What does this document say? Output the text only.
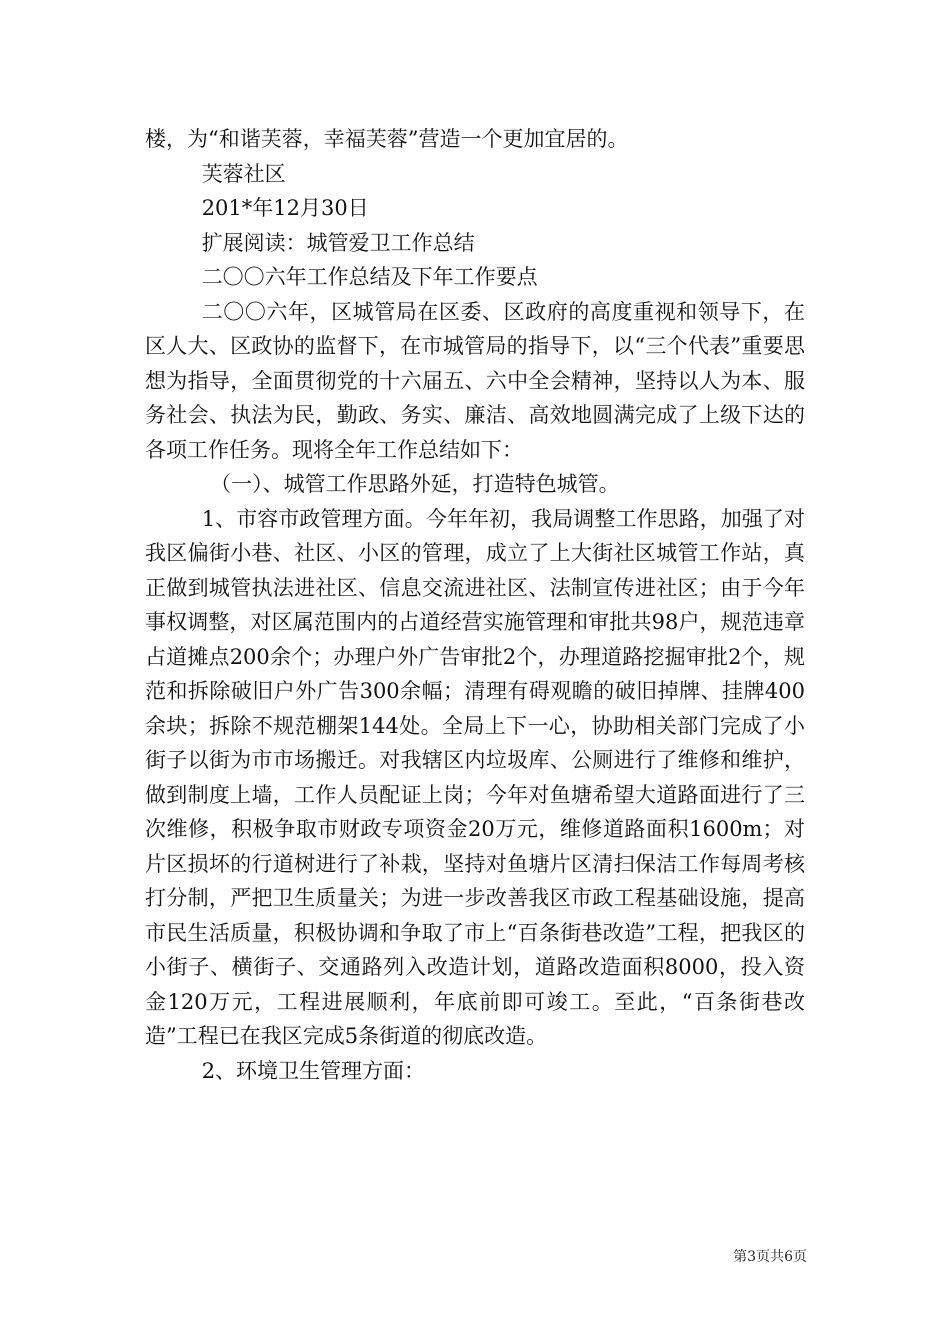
楼，为“和谐芙蓉，幸福芙蓉”营造一个更加宜居的。

芙蓉社区

201*年12月30日

扩展阅读：城管爱卫工作总结

二〇〇六年工作总结及下年工作要点

二〇〇六年，区城管局在区委、区政府的高度重视和领导下，在区人大、区政协的监督下，在市城管局的指导下，以“三个代表”重要思想为指导，全面贯彻党的十六届五、六中全会精神，坚持以人为本、服务社会、执法为民，勤政、务实、廉洁、高效地圆满完成了上级下达的各项工作任务。现将全年工作总结如下：

（一）、城管工作思路外延，打造特色城管。

1、市容市政管理方面。今年年初，我局调整工作思路，加强了对我区偏街小巷、社区、小区的管理，成立了上大街社区城管工作站，真正做到城管执法进社区、信息交流进社区、法制宣传进社区；由于今年事权调整，对区属范围内的占道经营实施管理和审批共98户，规范违章占道摊点200余个；办理户外广告审批2个，办理道路挖掘审批2个，规范和拆除破旧户外广告300余幅；清理有碍观瞻的破旧掉牌、挂牌400余块；拆除不规范棚架144处。全局上下一心，协助相关部门完成了小街子以街为市市场搬迁。对我辖区内垃圾库、公厕进行了维修和维护，做到制度上墙，工作人员配证上岗；今年对鱼塘希望大道路面进行了三次维修，积极争取市财政专项资金20万元，维修道路面积1600m；对片区损坏的行道树进行了补栽，坚持对鱼塘片区清扫保洁工作每周考核打分制，严把卫生质量关；为进一步改善我区市政工程基础设施，提高市民生活质量，积极协调和争取了市上“百条街巷改造”工程，把我区的小街子、横街子、交通路列入改造计划，道路改造面积8000，投入资金120万元，工程进展顺利，年底前即可竣工。至此，“百条街巷改造”工程已在我区完成5条街道的彻底改造。

2、环境卫生管理方面：

第3页共6页
